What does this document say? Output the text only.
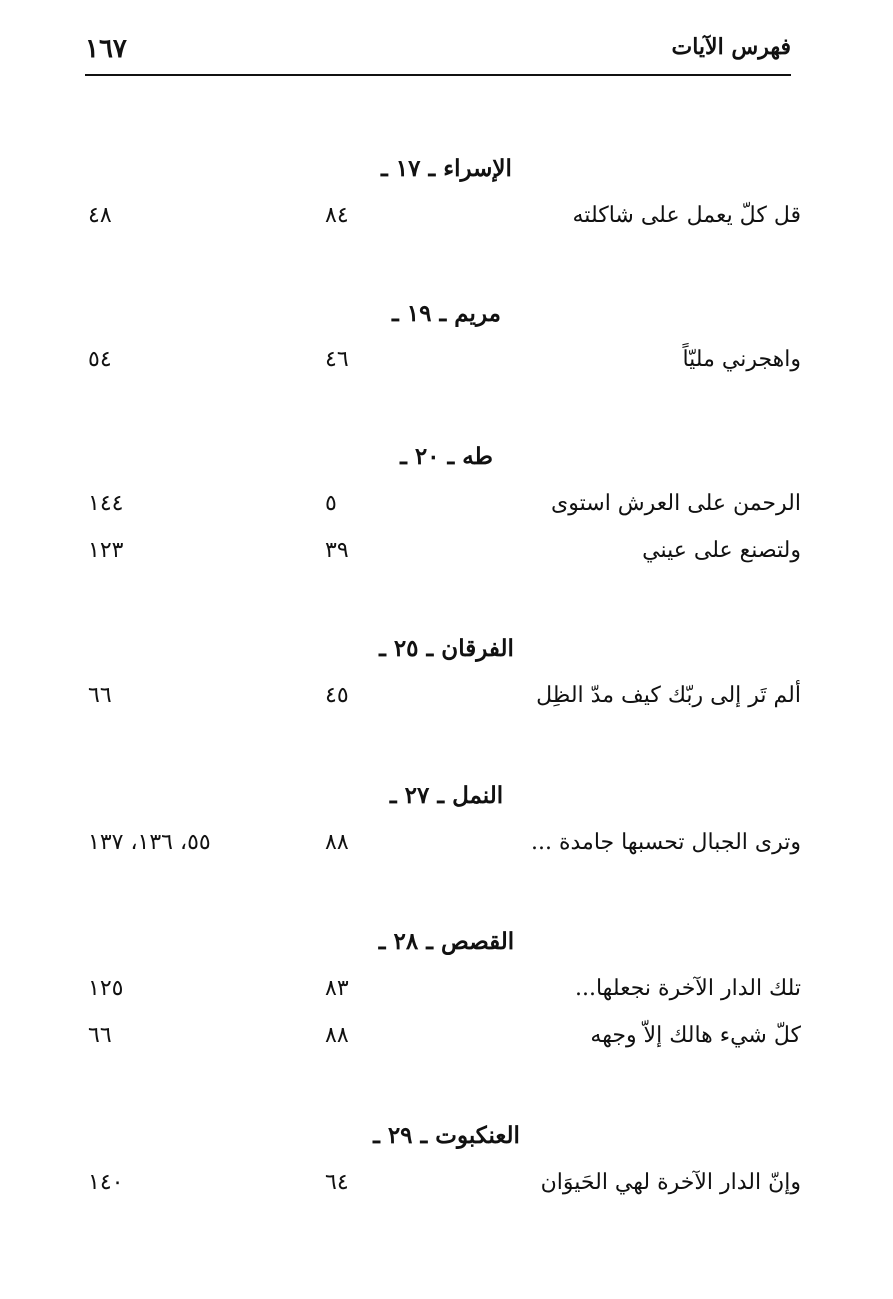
١٦٧	فهرس الآيات
الإسراء ـ ١٧ ـ
قل كلّ يعمل على شاكلته
٨٤
٤٨
مريم ـ ١٩ ـ
واهجرني مليّاً
٤٦
٥٤
طه ـ ٢٠ ـ
الرحمن على العرش استوى
٥
١٤٤
ولتصنع على عيني
٣٩
١٢٣
الفرقان ـ ٢٥ ـ
ألم تَر إلى ربّك كيف مدّ الظِل
٤٥
٦٦
النمل ـ ٢٧ ـ
وترى الجبال تحسبها جامدة ...
٨٨
٥٥، ١٣٦، ١٣٧
القصص ـ ٢٨ ـ
تلك الدار الآخرة نجعلها...
٨٣
١٢٥
كلّ شيء هالك إلاّ وجهه
٨٨
٦٦
العنكبوت ـ ٢٩ ـ
وإنّ الدار الآخرة لهي الحَيوَان
٦٤
١٤٠
